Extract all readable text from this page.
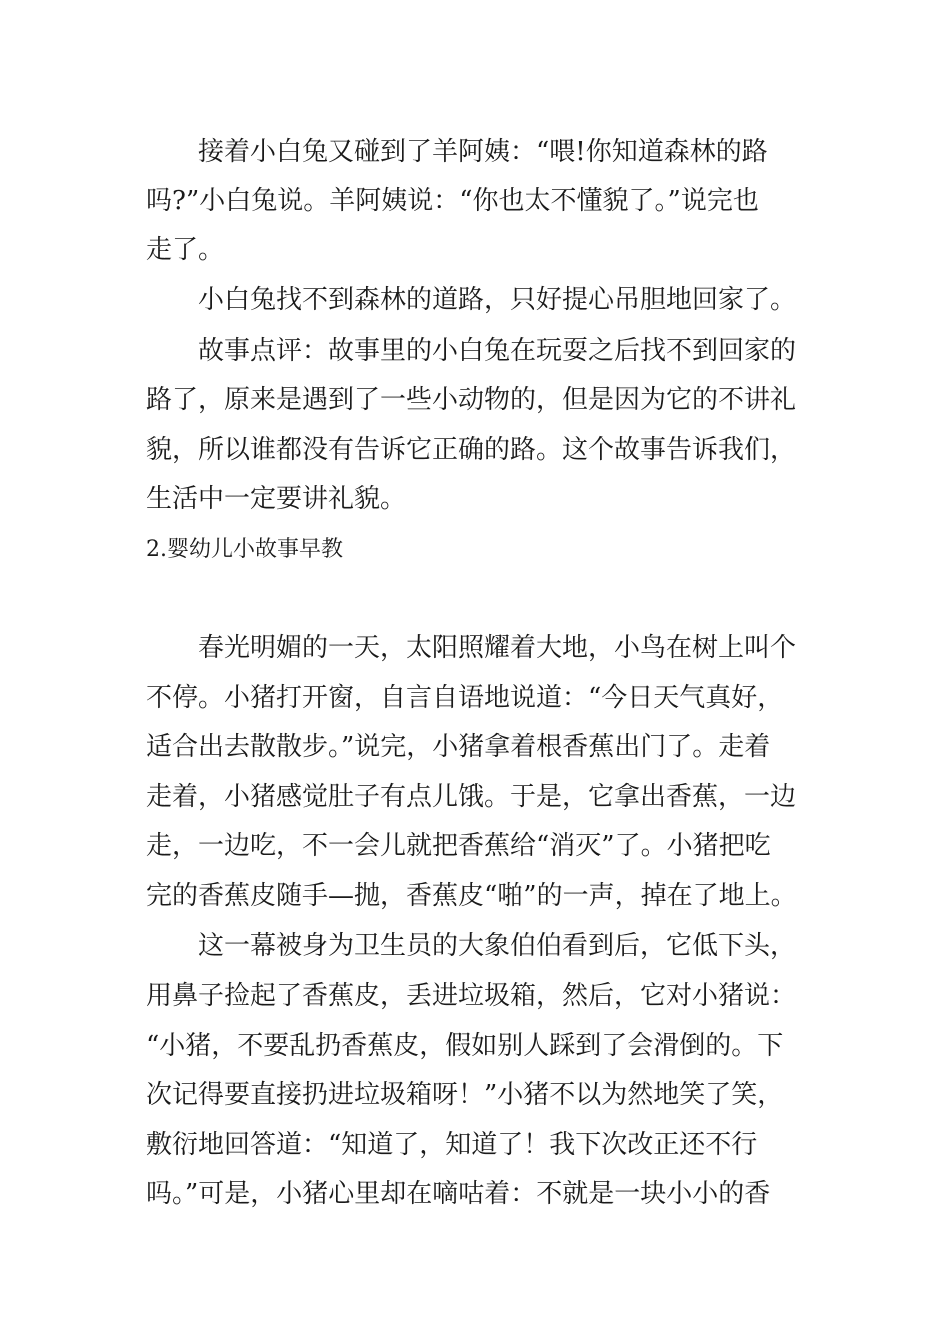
接着小白兔又碰到了羊阿姨：“喂!你知道森林的路
吗?”小白兔说。羊阿姨说：“你也太不懂貌了。”说完也
走了。
小白兔找不到森林的道路，只好提心吊胆地回家了。
故事点评：故事里的小白兔在玩耍之后找不到回家的
路了，原来是遇到了一些小动物的，但是因为它的不讲礼
貌，所以谁都没有告诉它正确的路。这个故事告诉我们，
生活中一定要讲礼貌。
2.婴幼儿小故事早教
春光明媚的一天，太阳照耀着大地，小鸟在树上叫个
不停。小猪打开窗，自言自语地说道：“今日天气真好，
适合出去散散步。”说完，小猪拿着根香蕉出门了。走着
走着，小猪感觉肚子有点儿饿。于是，它拿出香蕉，一边
走，一边吃，不一会儿就把香蕉给“消灭”了。小猪把吃
完的香蕉皮随手—抛，香蕉皮“啪”的一声，掉在了地上。
这一幕被身为卫生员的大象伯伯看到后，它低下头，
用鼻子捡起了香蕉皮，丢进垃圾箱，然后，它对小猪说：
“小猪，不要乱扔香蕉皮，假如别人踩到了会滑倒的。下
次记得要直接扔进垃圾箱呀！”小猪不以为然地笑了笑，
敷衍地回答道：“知道了，知道了！我下次改正还不行
吗。”可是，小猪心里却在嘀咕着：不就是一块小小的香
